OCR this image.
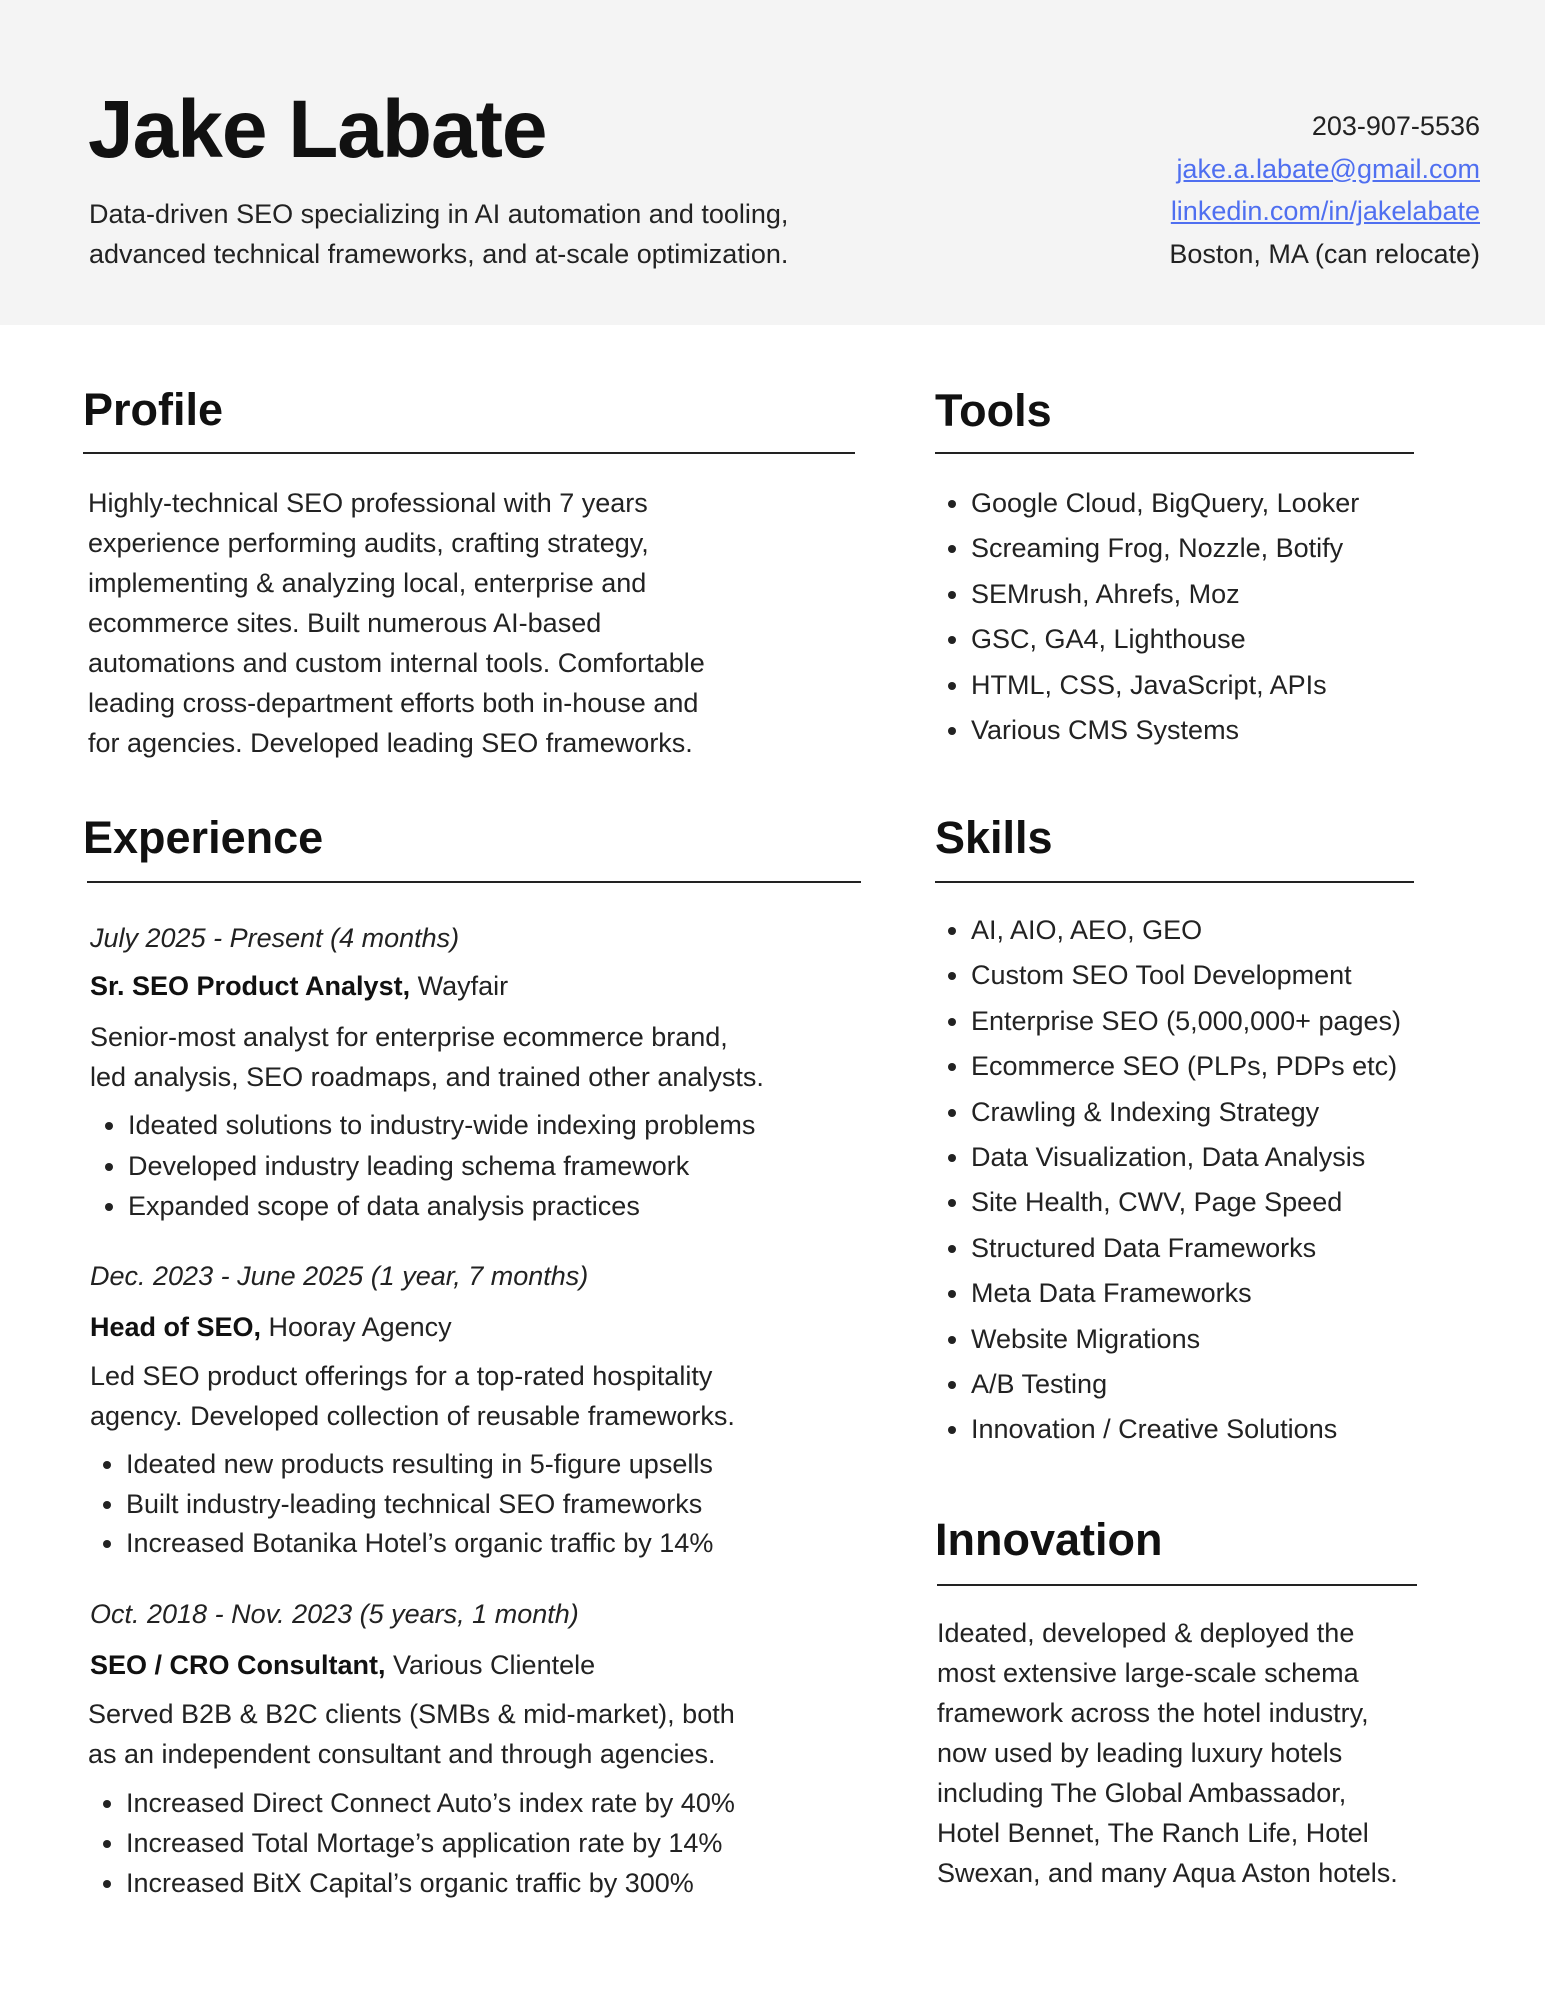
Jake Labate
Data-driven SEO specializing in AI automation and tooling,
advanced technical frameworks, and at-scale optimization.
203-907-5536
jake.a.labate@gmail.com
linkedin.com/in/jakelabate
Boston, MA (can relocate)
Profile
Highly-technical SEO professional with 7 years
experience performing audits, crafting strategy,
implementing & analyzing local, enterprise and
ecommerce sites. Built numerous AI-based
automations and custom internal tools. Comfortable
leading cross-department efforts both in-house and
for agencies. Developed leading SEO frameworks.
Experience
July 2025 - Present (4 months)
Sr. SEO Product Analyst, Wayfair
Senior-most analyst for enterprise ecommerce brand,
led analysis, SEO roadmaps, and trained other analysts.
• Ideated solutions to industry-wide indexing problems
• Developed industry leading schema framework
• Expanded scope of data analysis practices
Dec. 2023 - June 2025 (1 year, 7 months)
Head of SEO, Hooray Agency
Led SEO product offerings for a top-rated hospitality
agency. Developed collection of reusable frameworks.
• Ideated new products resulting in 5-figure upsells
• Built industry-leading technical SEO frameworks
• Increased Botanika Hotel’s organic traffic by 14%
Oct. 2018 - Nov. 2023 (5 years, 1 month)
SEO / CRO Consultant, Various Clientele
Served B2B & B2C clients (SMBs & mid-market), both
as an independent consultant and through agencies.
• Increased Direct Connect Auto’s index rate by 40%
• Increased Total Mortage’s application rate by 14%
• Increased BitX Capital’s organic traffic by 300%
Tools
• Google Cloud, BigQuery, Looker
• Screaming Frog, Nozzle, Botify
• SEMrush, Ahrefs, Moz
• GSC, GA4, Lighthouse
• HTML, CSS, JavaScript, APIs
• Various CMS Systems
Skills
• AI, AIO, AEO, GEO
• Custom SEO Tool Development
• Enterprise SEO (5,000,000+ pages)
• Ecommerce SEO (PLPs, PDPs etc)
• Crawling & Indexing Strategy
• Data Visualization, Data Analysis
• Site Health, CWV, Page Speed
• Structured Data Frameworks
• Meta Data Frameworks
• Website Migrations
• A/B Testing
• Innovation / Creative Solutions
Innovation
Ideated, developed & deployed the
most extensive large-scale schema
framework across the hotel industry,
now used by leading luxury hotels
including The Global Ambassador,
Hotel Bennet, The Ranch Life, Hotel
Swexan, and many Aqua Aston hotels.
